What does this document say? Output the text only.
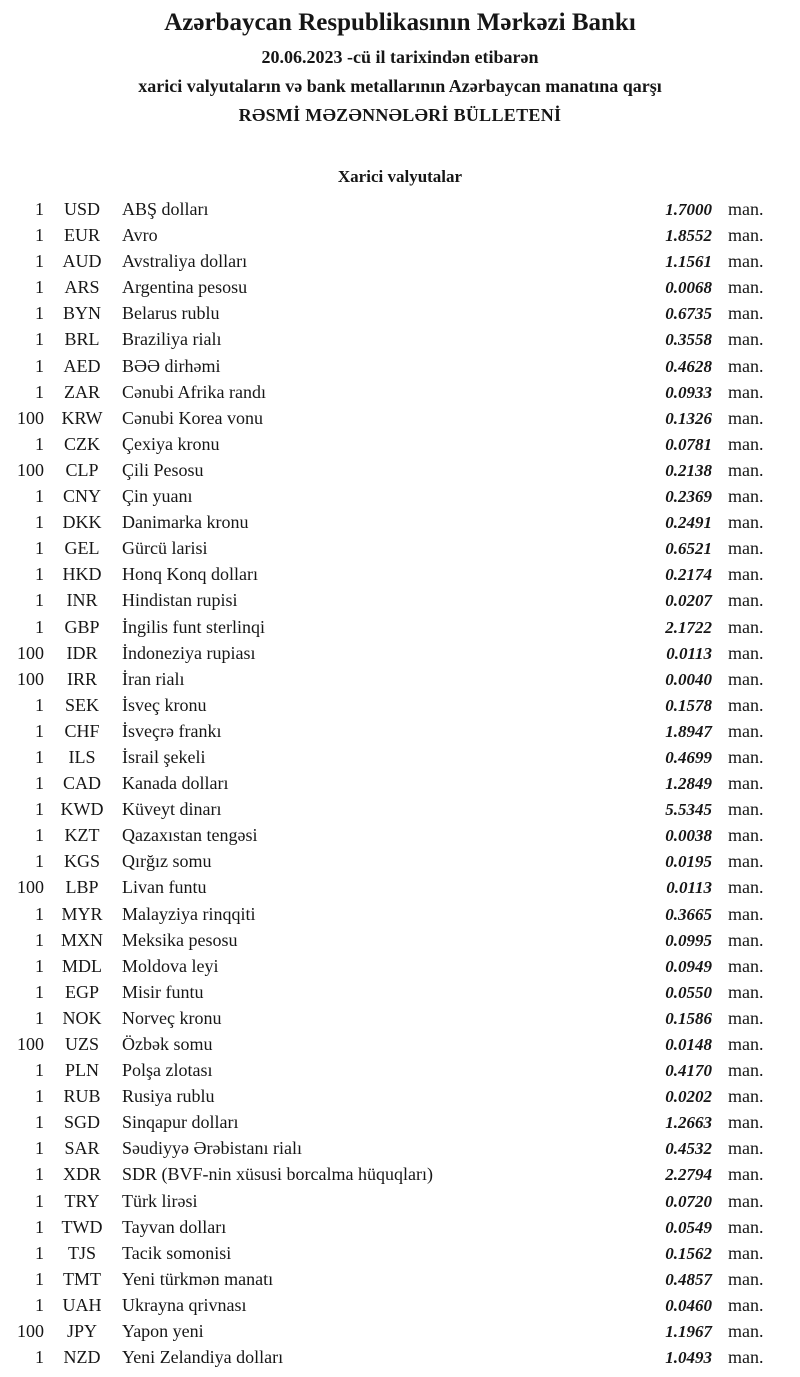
Azərbaycan Respublikasının Mərkəzi Bankı
20.06.2023 -cü il tarixindən etibarən
xarici valyutaların və bank metallarının Azərbaycan manatına qarşı
RƏSMİ MƏZƏNNƏLƏRİ BÜLLETENİ
Xarici valyutalar
1	USD	ABŞ dolları	1.7000 man.
1	EUR	Avro	1.8552 man.
1	AUD	Avstraliya dolları	1.1561 man.
1	ARS	Argentina pesosu	0.0068 man.
1	BYN	Belarus rublu	0.6735 man.
1	BRL	Braziliya rialı	0.3558 man.
1	AED	BƏƏ dirhəmi	0.4628 man.
1	ZAR	Cənubi Afrika randı	0.0933 man.
100 KRW	Cənubi Korea vonu	0.1326 man.
1	CZK	Çexiya kronu	0.0781 man.
100	CLP	Çili Pesosu	0.2138 man.
1	CNY	Çin yuanı	0.2369 man.
1	DKK	Danimarka kronu	0.2491 man.
1	GEL	Gürcü larisi	0.6521 man.
1	HKD	Honq Konq dolları	0.2174 man.
1	INR	Hindistan rupisi	0.0207 man.
1	GBP	İngilis funt sterlinqi	2.1722 man.
100	IDR	İndoneziya rupiası	0.0113 man.
100	IRR	İran rialı	0.0040 man.
1	SEK	İsveç kronu	0.1578 man.
1	CHF	İsveçrə frankı	1.8947 man.
1	ILS	İsrail şekeli	0.4699 man.
1	CAD	Kanada dolları	1.2849 man.
1 KWD	Küveyt dinarı	5.5345 man.
1	KZT	Qazaxıstan tengəsi	0.0038 man.
1	KGS	Qırğız somu	0.0195 man.
100	LBP	Livan funtu	0.0113 man.
1 MYR	Malayziya rinqqiti	0.3665 man.
1 MXN	Meksika pesosu	0.0995 man.
1	MDL	Moldova leyi	0.0949 man.
1	EGP	Misir funtu	0.0550 man.
1	NOK	Norveç kronu	0.1586 man.
100	UZS	Özbək somu	0.0148 man.
1	PLN	Polşa zlotası	0.4170 man.
1	RUB	Rusiya rublu	0.0202 man.
1	SGD	Sinqapur dolları	1.2663 man.
1	SAR	Səudiyyə Ərəbistanı rialı	0.4532 man.
1	XDR	SDR (BVF-nin xüsusi borcalma hüquqları)	2.2794 man.
1	TRY	Türk lirəsi	0.0720 man.
1 TWD	Tayvan dolları	0.0549 man.
1	TJS	Tacik somonisi	0.1562 man.
1	TMT	Yeni türkmən manatı	0.4857 man.
1	UAH	Ukrayna qrivnası	0.0460 man.
100	JPY	Yapon yeni	1.1967 man.
1	NZD	Yeni Zelandiya dolları	1.0493 man.
